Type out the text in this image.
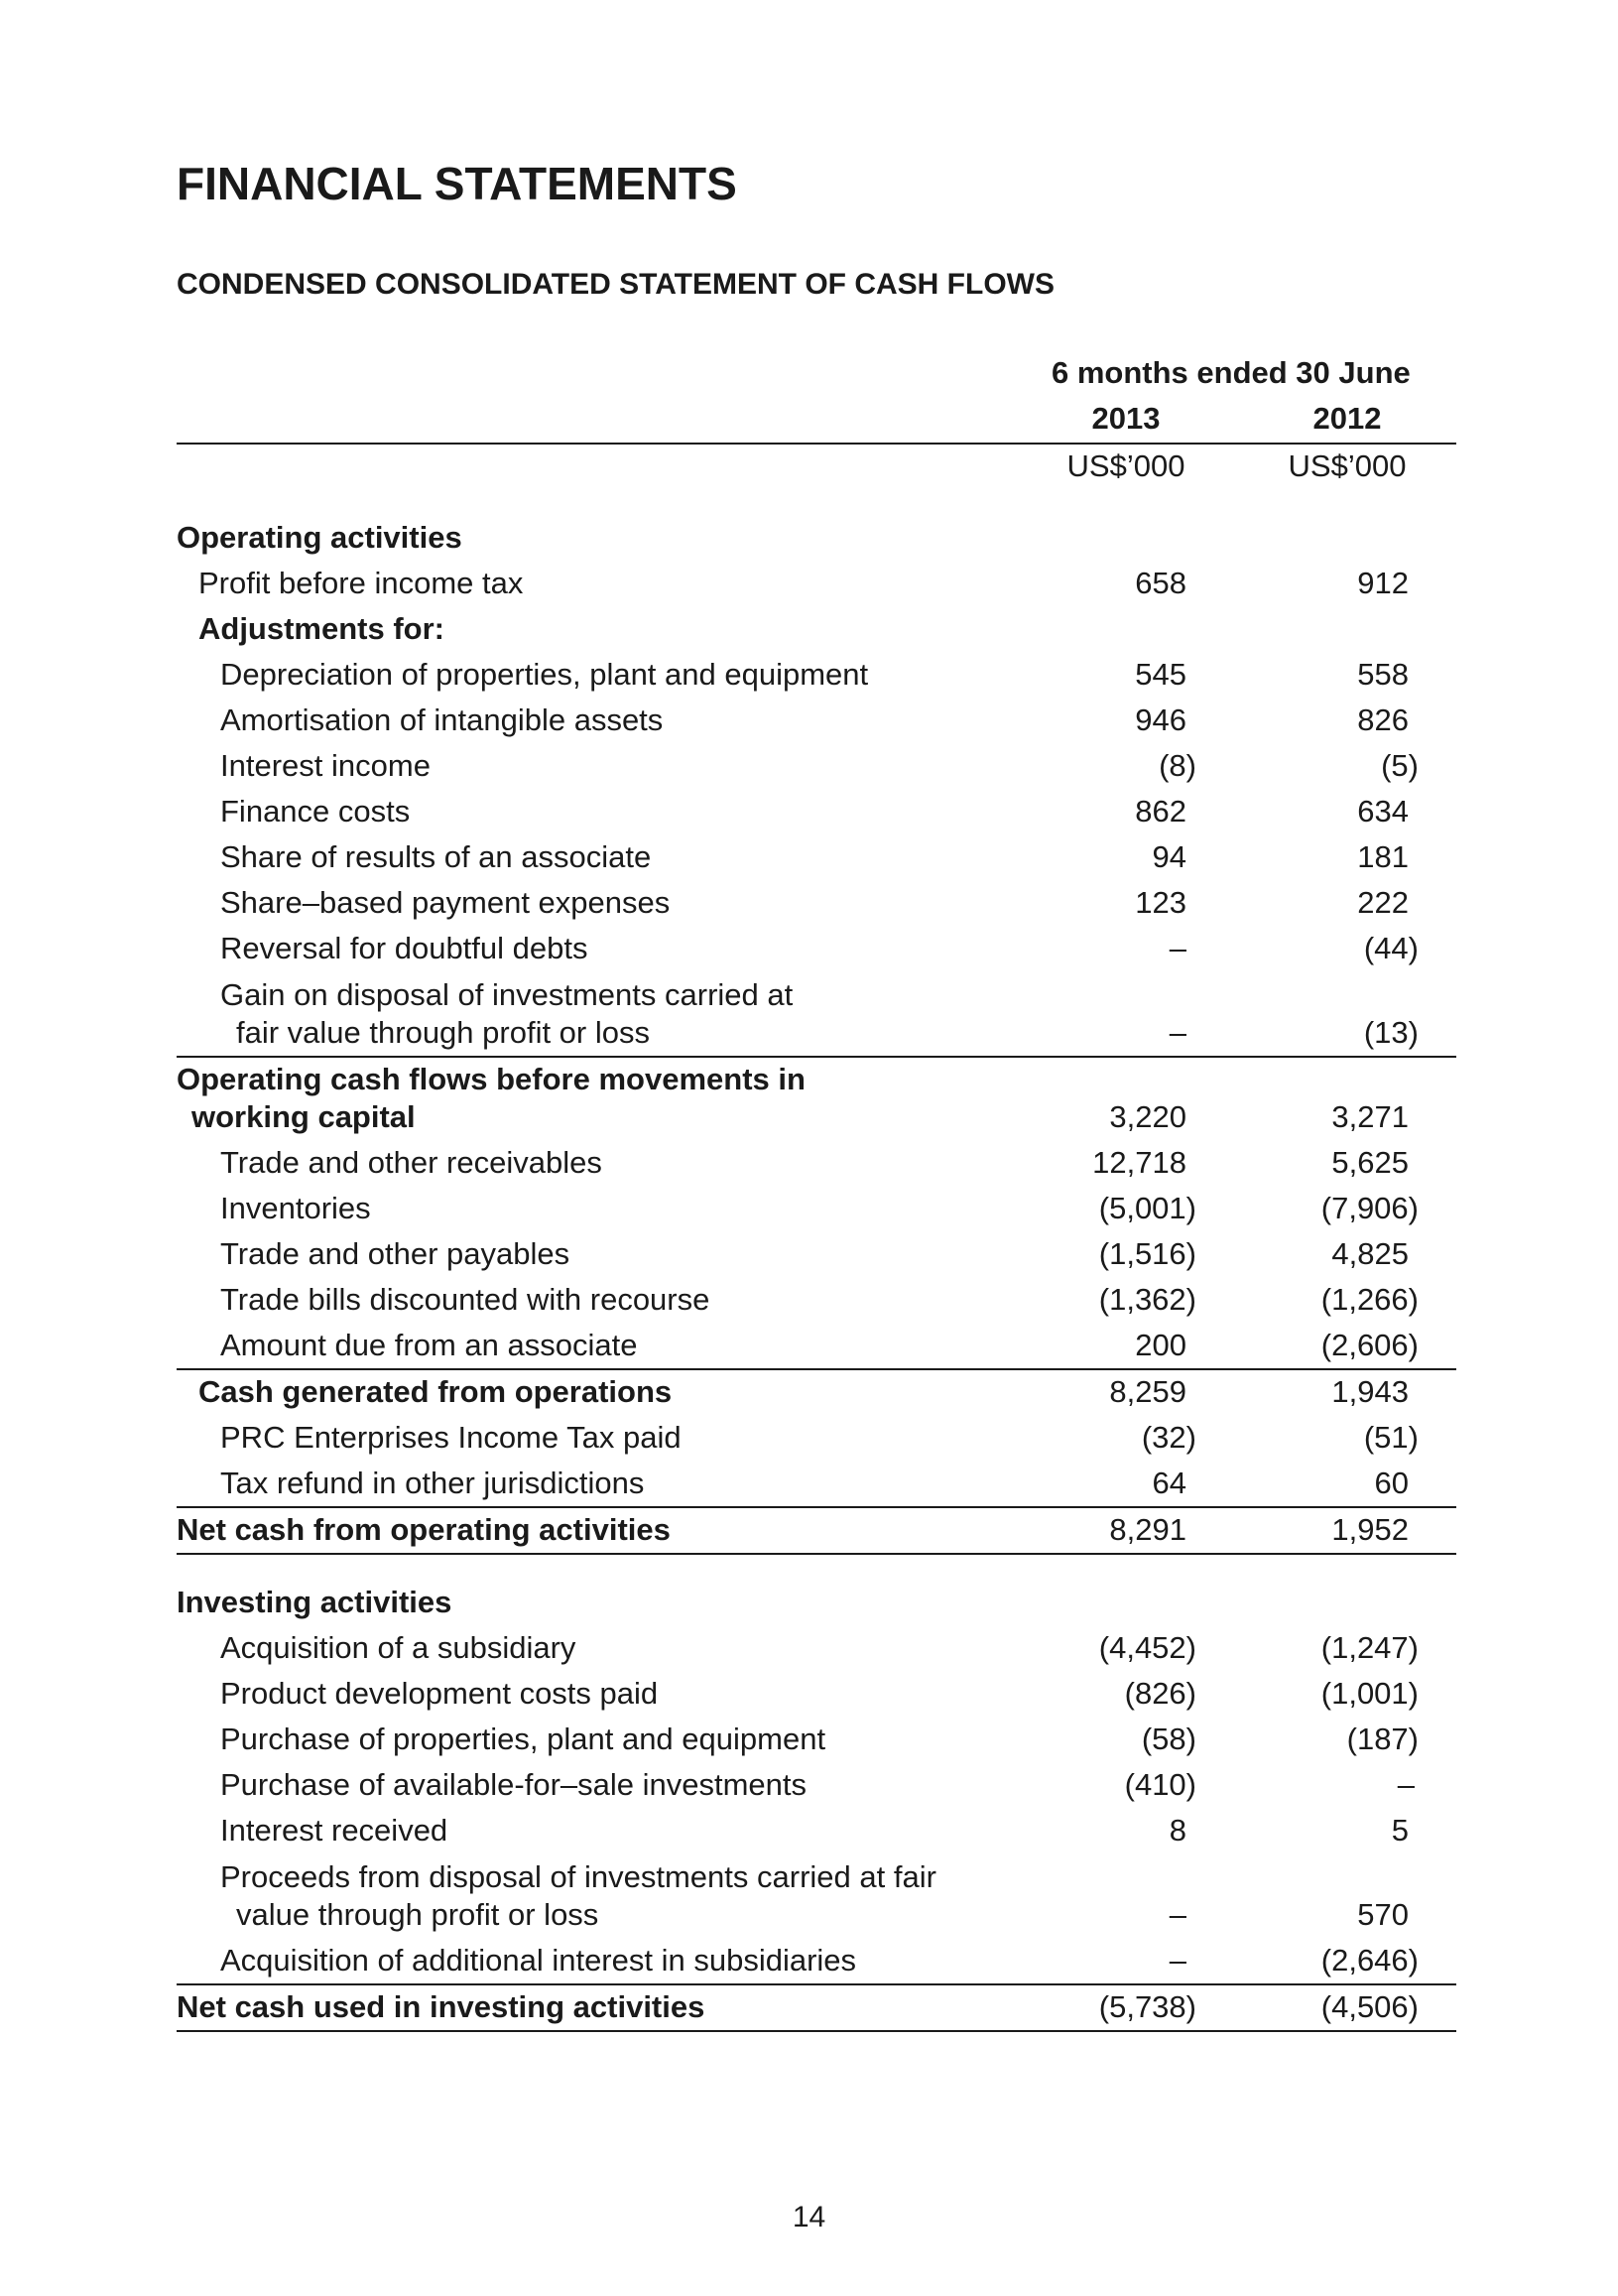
FINANCIAL STATEMENTS
CONDENSED CONSOLIDATED STATEMENT OF CASH FLOWS
6 months ended 30 June
2013	2012
US$’000	US$’000
Operating activities
Profit before income tax	658	912
Adjustments for:
Depreciation of properties, plant and equipment	545	558
Amortisation of intangible assets	946	826
Interest income	(8)	(5)
Finance costs	862	634
Share of results of an associate	94	181
Share–based payment expenses	123	222
Reversal for doubtful debts	–	(44)
Gain on disposal of investments carried at
fair value through profit or loss	–	(13)
Operating cash flows before movements in
working capital	3,220	3,271
Trade and other receivables	12,718	5,625
Inventories	(5,001)	(7,906)
Trade and other payables	(1,516)	4,825
Trade bills discounted with recourse	(1,362)	(1,266)
Amount due from an associate	200	(2,606)
Cash generated from operations	8,259	1,943
PRC Enterprises Income Tax paid	(32)	(51)
Tax refund in other jurisdictions	64	60
Net cash from operating activities	8,291	1,952
Investing activities
Acquisition of a subsidiary	(4,452)	(1,247)
Product development costs paid	(826)	(1,001)
Purchase of properties, plant and equipment	(58)	(187)
Purchase of available-for–sale investments	(410)	–
Interest received	8	5
Proceeds from disposal of investments carried at fair
value through profit or loss	–	570
Acquisition of additional interest in subsidiaries	–	(2,646)
Net cash used in investing activities	(5,738)	(4,506)
14
